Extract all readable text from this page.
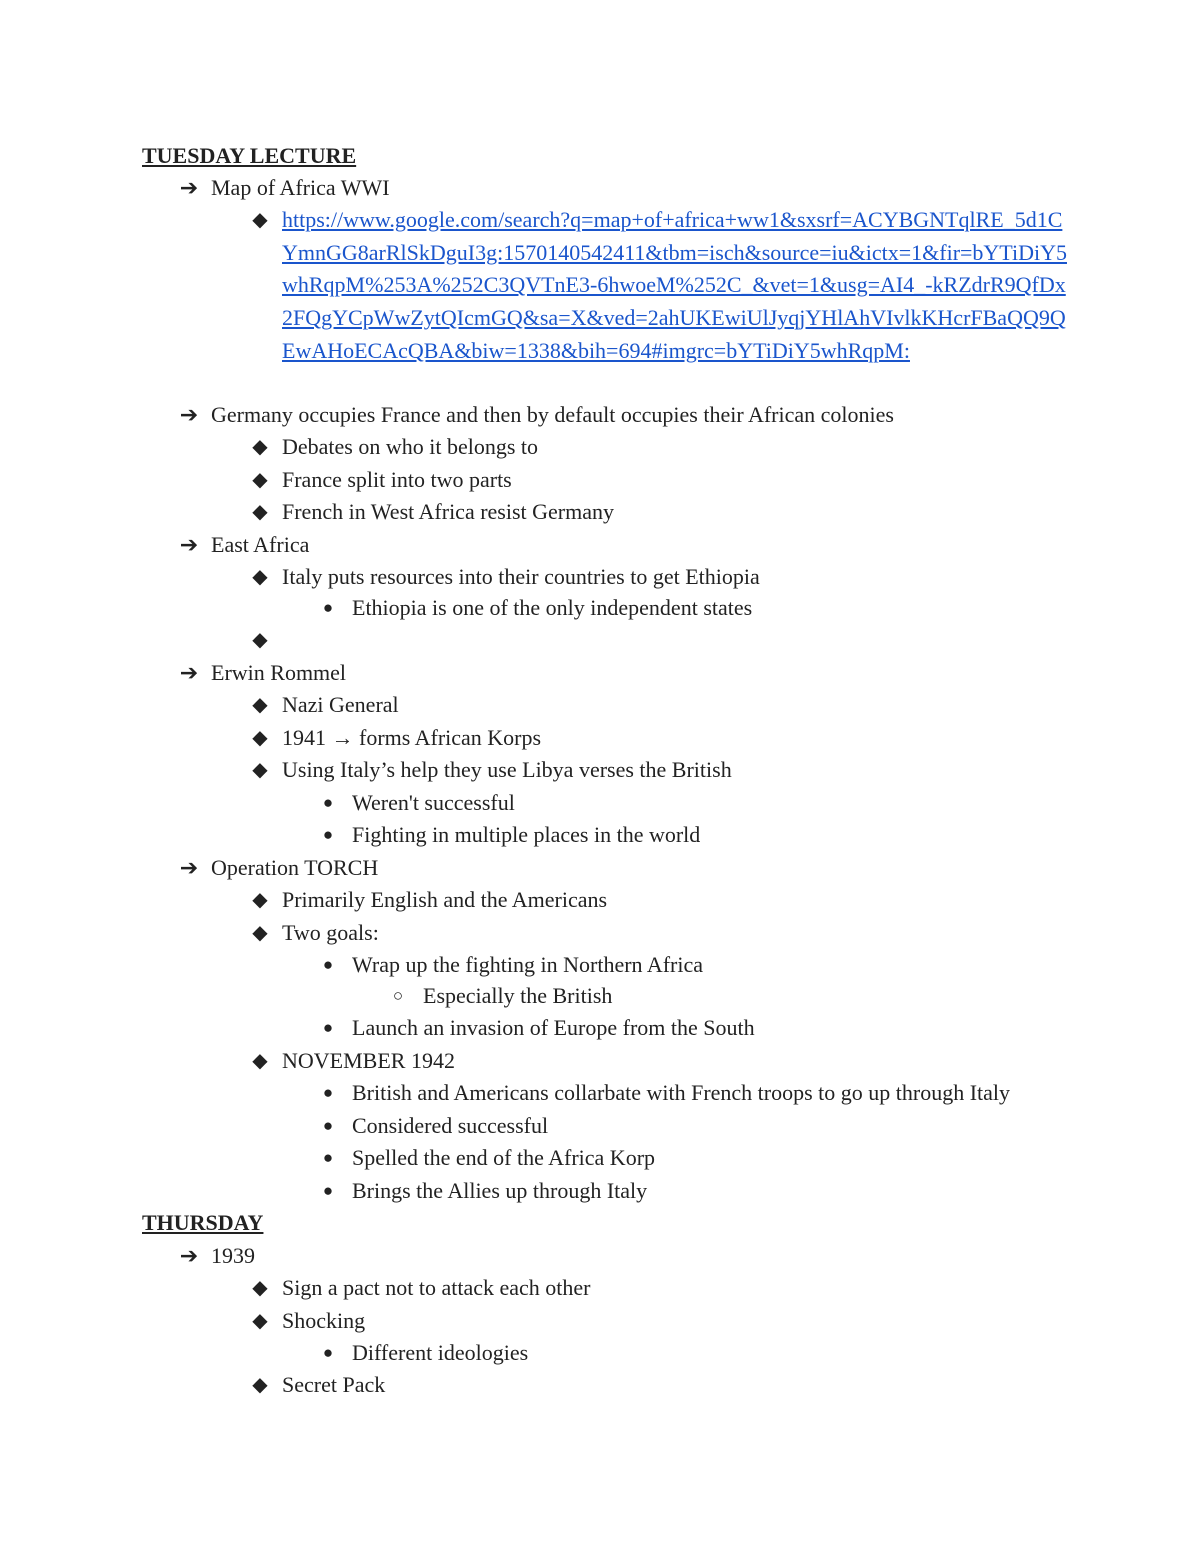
TUESDAY LECTURE
➔ Map of Africa WWI
◆ https://www.google.com/search?q=map+of+africa+ww1&sxsrf=ACYBGNTqlRE_5d1CYmnGG8arRlSkDguI3g:1570140542411&tbm=isch&source=iu&ictx=1&fir=bYTiDiY5whRqpM%253A%252C3QVTnE3-6hwoeM%252C_&vet=1&usg=AI4_-kRZdrR9QfDx2FQgYCpWwZytQIcmGQ&sa=X&ved=2ahUKEwiUlJyqjYHlAhVIvlkKHcrFBaQQ9QEwAHoECAcQBA&biw=1338&bih=694#imgrc=bYTiDiY5whRqpM:
➔ Germany occupies France and then by default occupies their African colonies
◆ Debates on who it belongs to
◆ France split into two parts
◆ French in West Africa resist Germany
➔ East Africa
◆ Italy puts resources into their countries to get Ethiopia
● Ethiopia is one of the only independent states
◆
➔ Erwin Rommel
◆ Nazi General
◆ 1941 → forms African Korps
◆ Using Italy’s help they use Libya verses the British
● Weren't successful
● Fighting in multiple places in the world
➔ Operation TORCH
◆ Primarily English and the Americans
◆ Two goals:
● Wrap up the fighting in Northern Africa
○ Especially the British
● Launch an invasion of Europe from the South
◆ NOVEMBER 1942
● British and Americans collarbate with French troops to go up through Italy
● Considered successful
● Spelled the end of the Africa Korp
● Brings the Allies up through Italy
THURSDAY
➔ 1939
◆ Sign a pact not to attack each other
◆ Shocking
● Different ideologies
◆ Secret Pack
